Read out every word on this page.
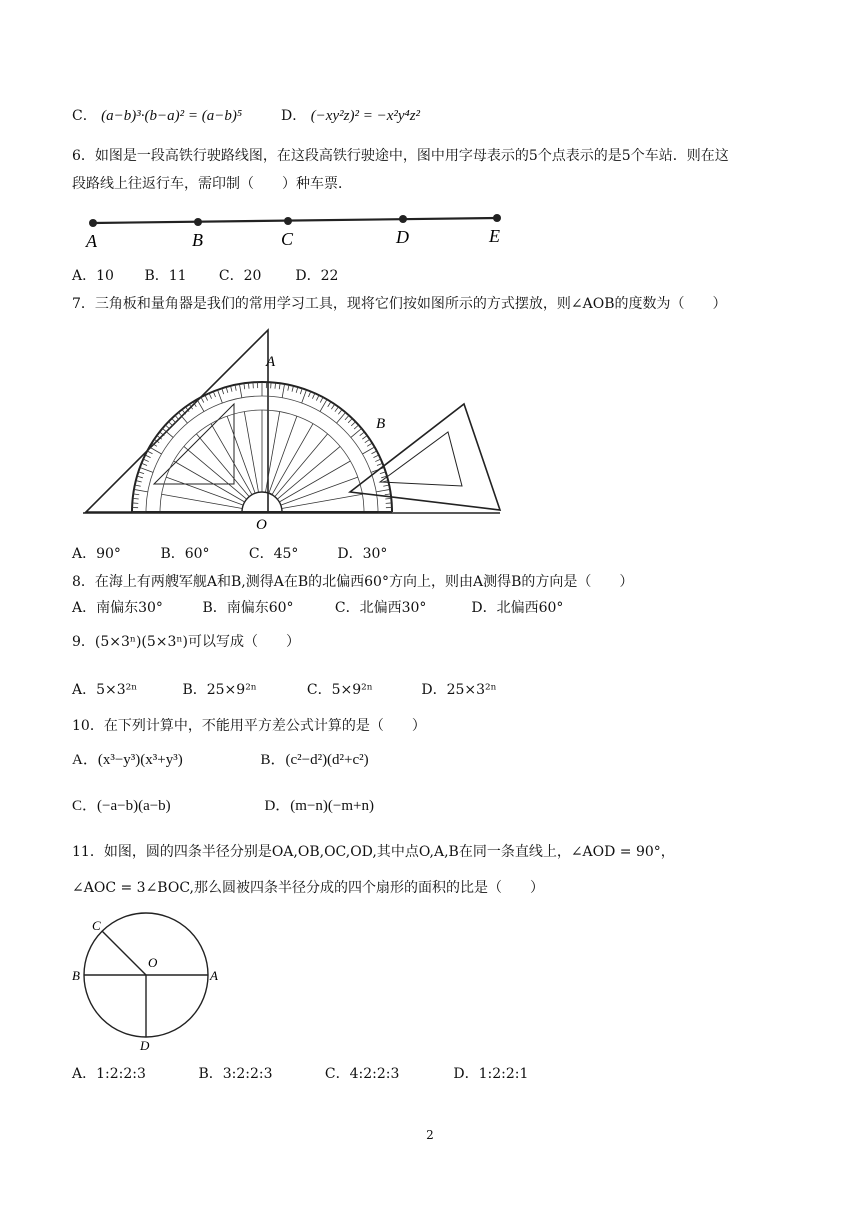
C． (a−b)³·(b−a)² = (a−b)⁵	D． (−xy²z)² = −x²y⁴z²
6．如图是一段高铁行驶路线图，在这段高铁行驶途中，图中用字母表示的5个点表示的是5个车站．则在这
段路线上往返行车，需印制（　　）种车票．
A	B	C	D	E
A．10 B．11 C．20 D．22
7．三角板和量角器是我们的常用学习工具，现将它们按如图所示的方式摆放，则∠AOB的度数为（　　）
A
B
O
A．90°	B．60°	C．45°	D．30°
8．在海上有两艘军舰A和B,测得A在B的北偏西60°方向上，则由A测得B的方向是（　　）
A．南偏东30°	B．南偏东60°	C．北偏西30°	D．北偏西60°
9．(5×3ⁿ)(5×3ⁿ)可以写成（　　）
A．5×3²ⁿ	B．25×9²ⁿ	C．5×9²ⁿ	D．25×3²ⁿ
10．在下列计算中，不能用平方差公式计算的是（　　）
A．(x³−y³)(x³+y³)	B．(c²−d²)(d²+c²)
C．(−a−b)(a−b)	D．(m−n)(−m+n)
11．如图，圆的四条半径分别是OA,OB,OC,OD,其中点O,A,B在同一条直线上，∠AOD = 90°，
∠AOC = 3∠BOC,那么圆被四条半径分成的四个扇形的面积的比是（　　）
C
O
B	A
D
A．1:2:2:3	B．3:2:2:3	C．4:2:2:3	D．1:2:2:1
2
